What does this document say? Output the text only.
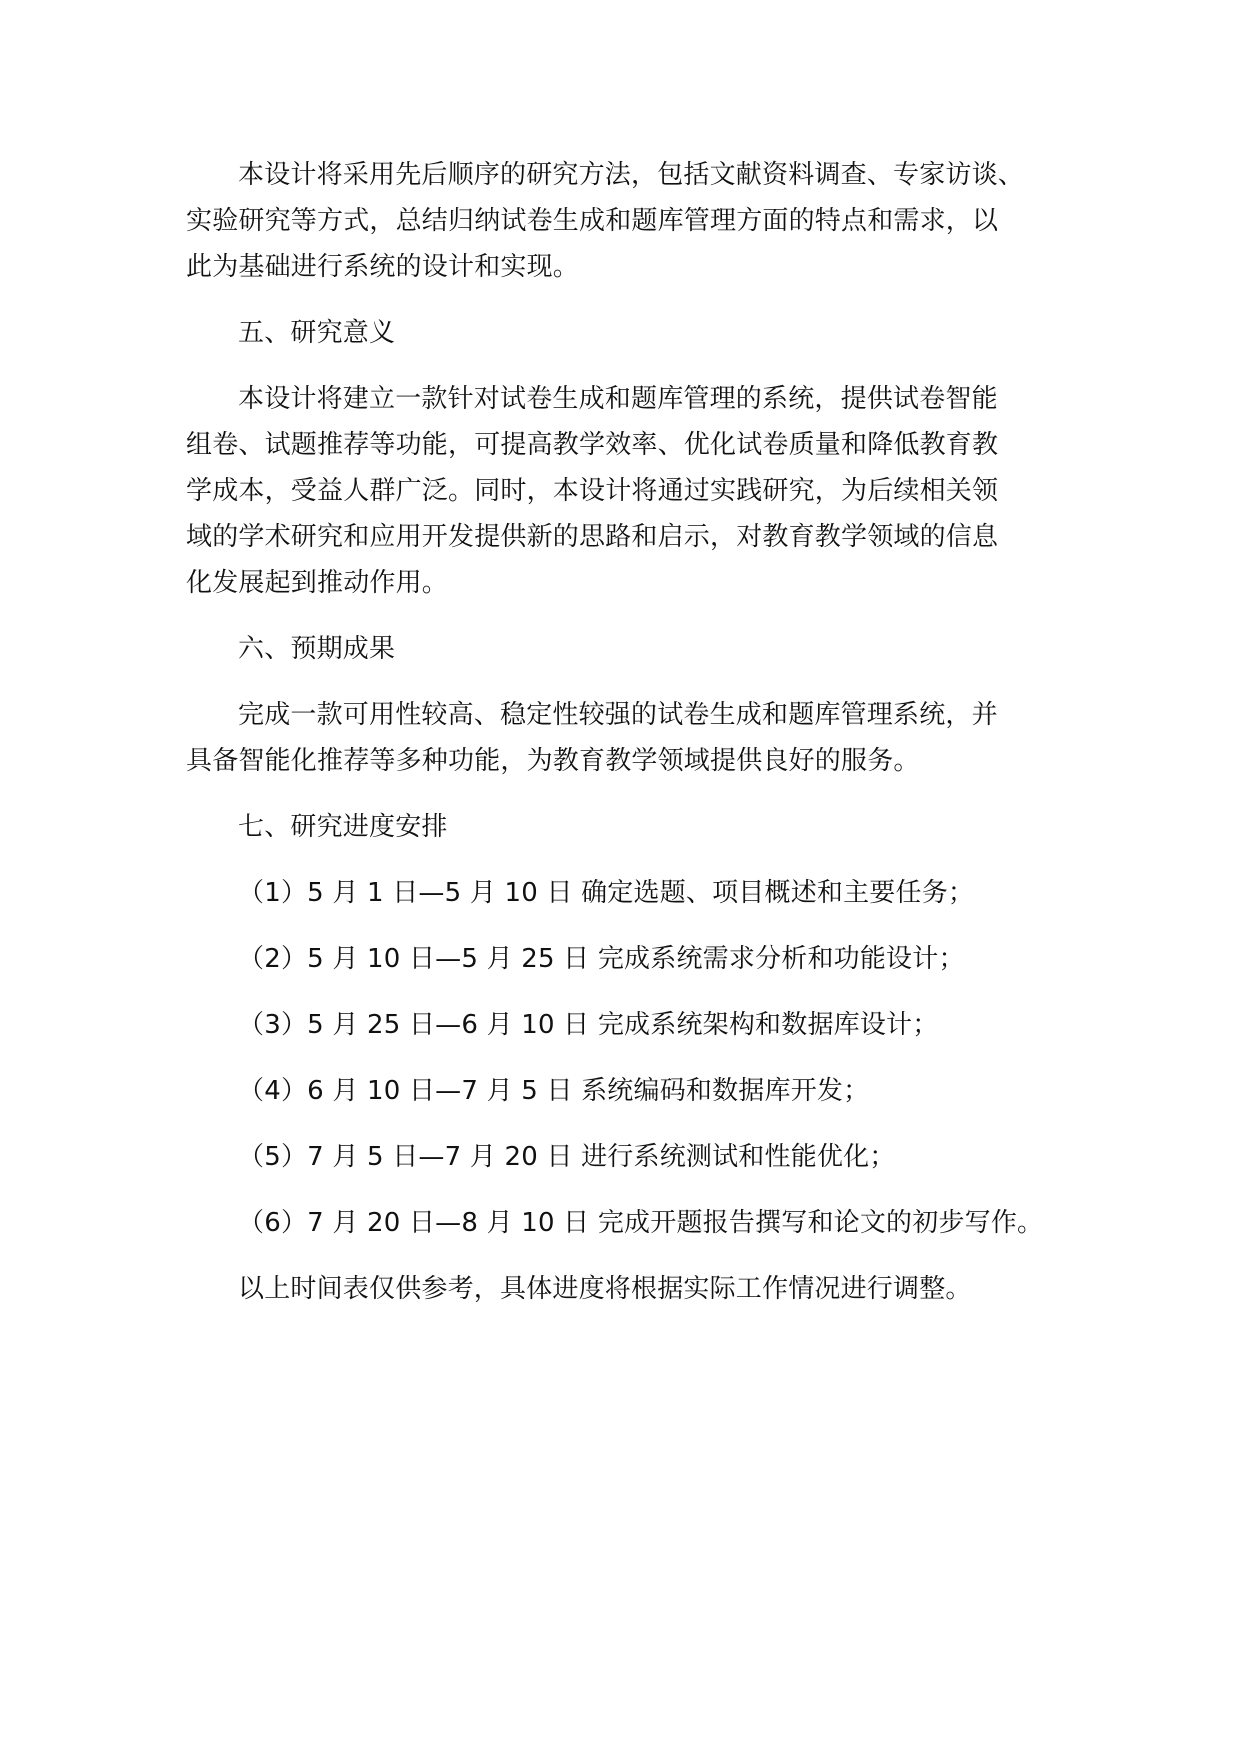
本设计将采用先后顺序的研究方法，包括文献资料调查、专家访谈、
实验研究等方式，总结归纳试卷生成和题库管理方面的特点和需求，以
此为基础进行系统的设计和实现。
五、研究意义
本设计将建立一款针对试卷生成和题库管理的系统，提供试卷智能
组卷、试题推荐等功能，可提高教学效率、优化试卷质量和降低教育教
学成本，受益人群广泛。同时，本设计将通过实践研究，为后续相关领
域的学术研究和应用开发提供新的思路和启示，对教育教学领域的信息
化发展起到推动作用。
六、预期成果
完成一款可用性较高、稳定性较强的试卷生成和题库管理系统，并
具备智能化推荐等多种功能，为教育教学领域提供良好的服务。
七、研究进度安排
（1）5 月 1 日—5 月 10 日 确定选题、项目概述和主要任务；
（2）5 月 10 日—5 月 25 日 完成系统需求分析和功能设计；
（3）5 月 25 日—6 月 10 日 完成系统架构和数据库设计；
（4）6 月 10 日—7 月 5 日 系统编码和数据库开发；
（5）7 月 5 日—7 月 20 日 进行系统测试和性能优化；
（6）7 月 20 日—8 月 10 日 完成开题报告撰写和论文的初步写作。
以上时间表仅供参考，具体进度将根据实际工作情况进行调整。
